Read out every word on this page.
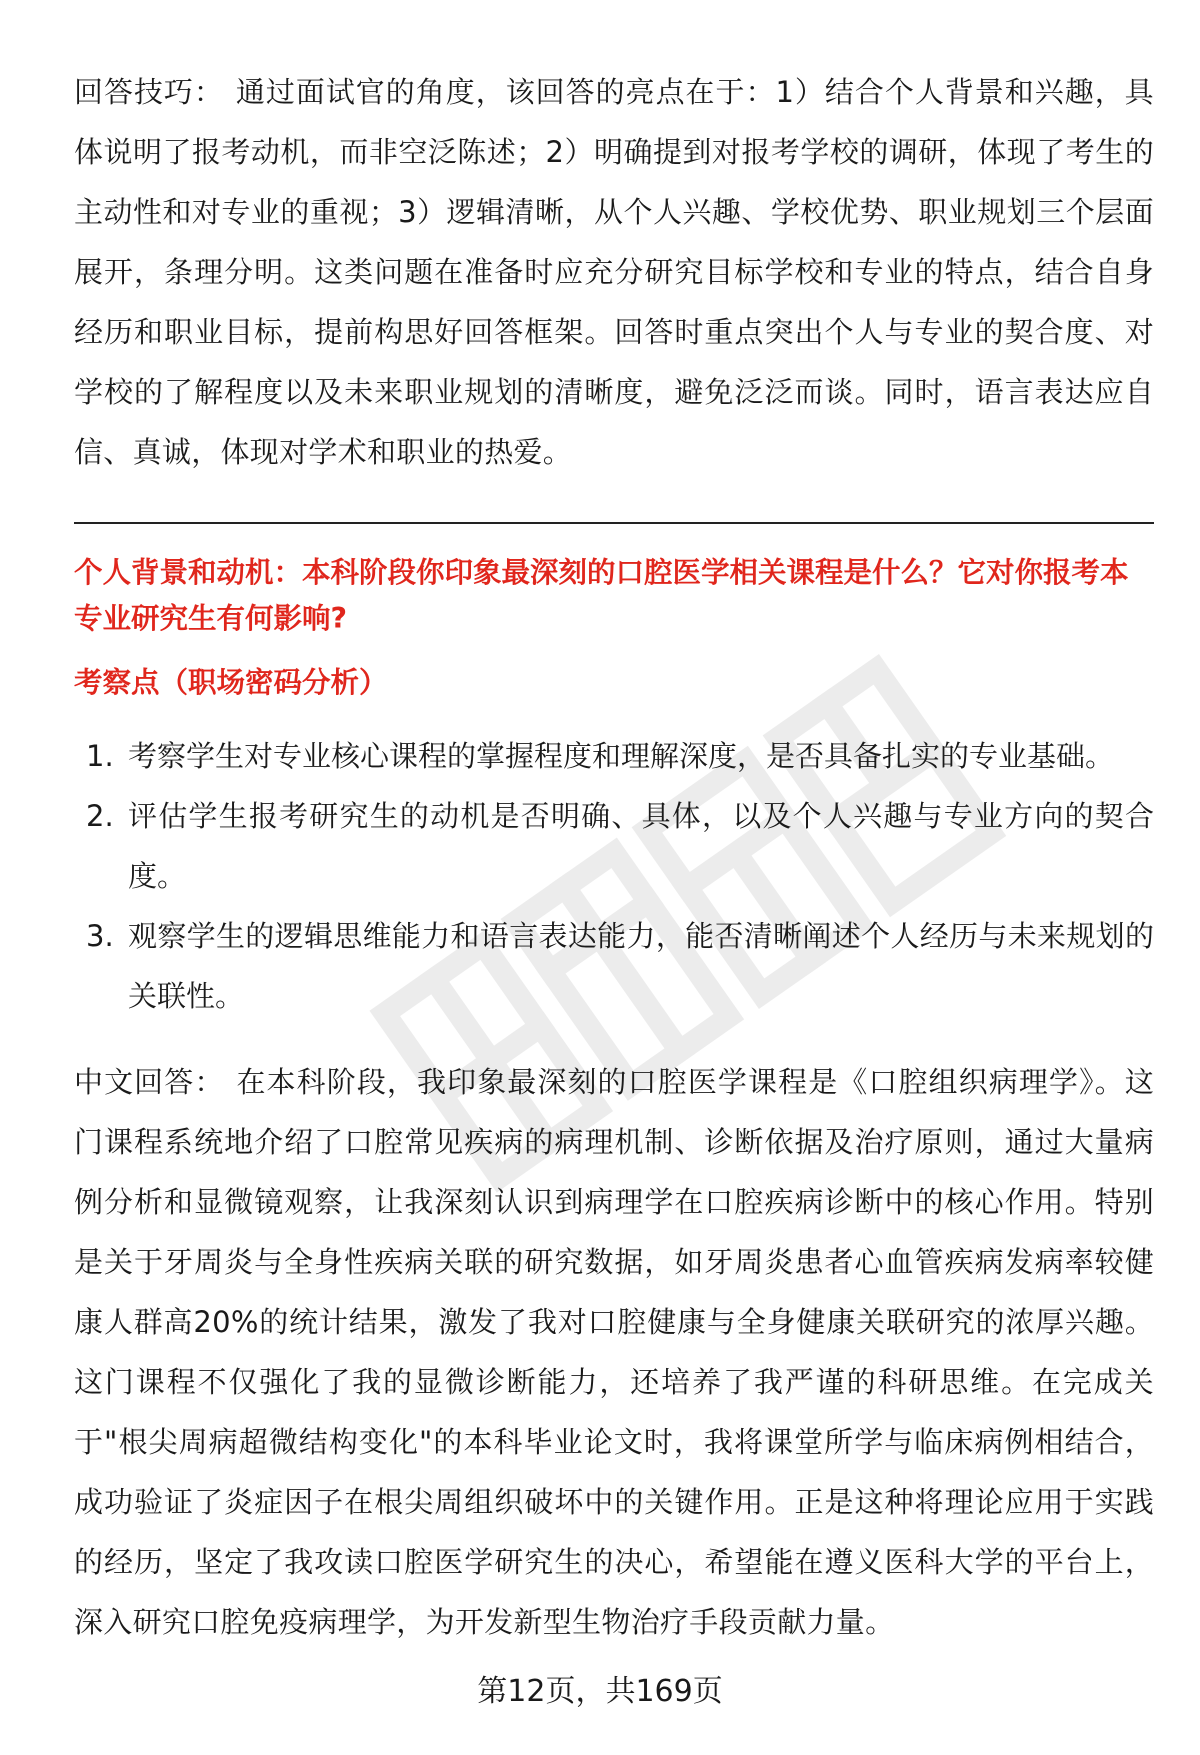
回答技巧： 通过面试官的角度，该回答的亮点在于：1）结合个人背景和兴趣，具体说明了报考动机，而非空泛陈述；2）明确提到对报考学校的调研，体现了考生的主动性和对专业的重视；3）逻辑清晰，从个人兴趣、学校优势、职业规划三个层面展开，条理分明。这类问题在准备时应充分研究目标学校和专业的特点，结合自身经历和职业目标，提前构思好回答框架。回答时重点突出个人与专业的契合度、对学校的了解程度以及未来职业规划的清晰度，避免泛泛而谈。同时，语言表达应自信、真诚，体现对学术和职业的热爱。

个人背景和动机：本科阶段你印象最深刻的口腔医学相关课程是什么？它对你报考本专业研究生有何影响?

考察点（职场密码分析）

1. 考察学生对专业核心课程的掌握程度和理解深度，是否具备扎实的专业基础。
2. 评估学生报考研究生的动机是否明确、具体，以及个人兴趣与专业方向的契合度。
3. 观察学生的逻辑思维能力和语言表达能力，能否清晰阐述个人经历与未来规划的关联性。

中文回答： 在本科阶段，我印象最深刻的口腔医学课程是《口腔组织病理学》。这门课程系统地介绍了口腔常见疾病的病理机制、诊断依据及治疗原则，通过大量病例分析和显微镜观察，让我深刻认识到病理学在口腔疾病诊断中的核心作用。特别是关于牙周炎与全身性疾病关联的研究数据，如牙周炎患者心血管疾病发病率较健康人群高20%的统计结果，激发了我对口腔健康与全身健康关联研究的浓厚兴趣。这门课程不仅强化了我的显微诊断能力，还培养了我严谨的科研思维。在完成关于"根尖周病超微结构变化"的本科毕业论文时，我将课堂所学与临床病例相结合，成功验证了炎症因子在根尖周组织破坏中的关键作用。正是这种将理论应用于实践的经历，坚定了我攻读口腔医学研究生的决心，希望能在遵义医科大学的平台上，深入研究口腔免疫病理学，为开发新型生物治疗手段贡献力量。

第12页，共169页
